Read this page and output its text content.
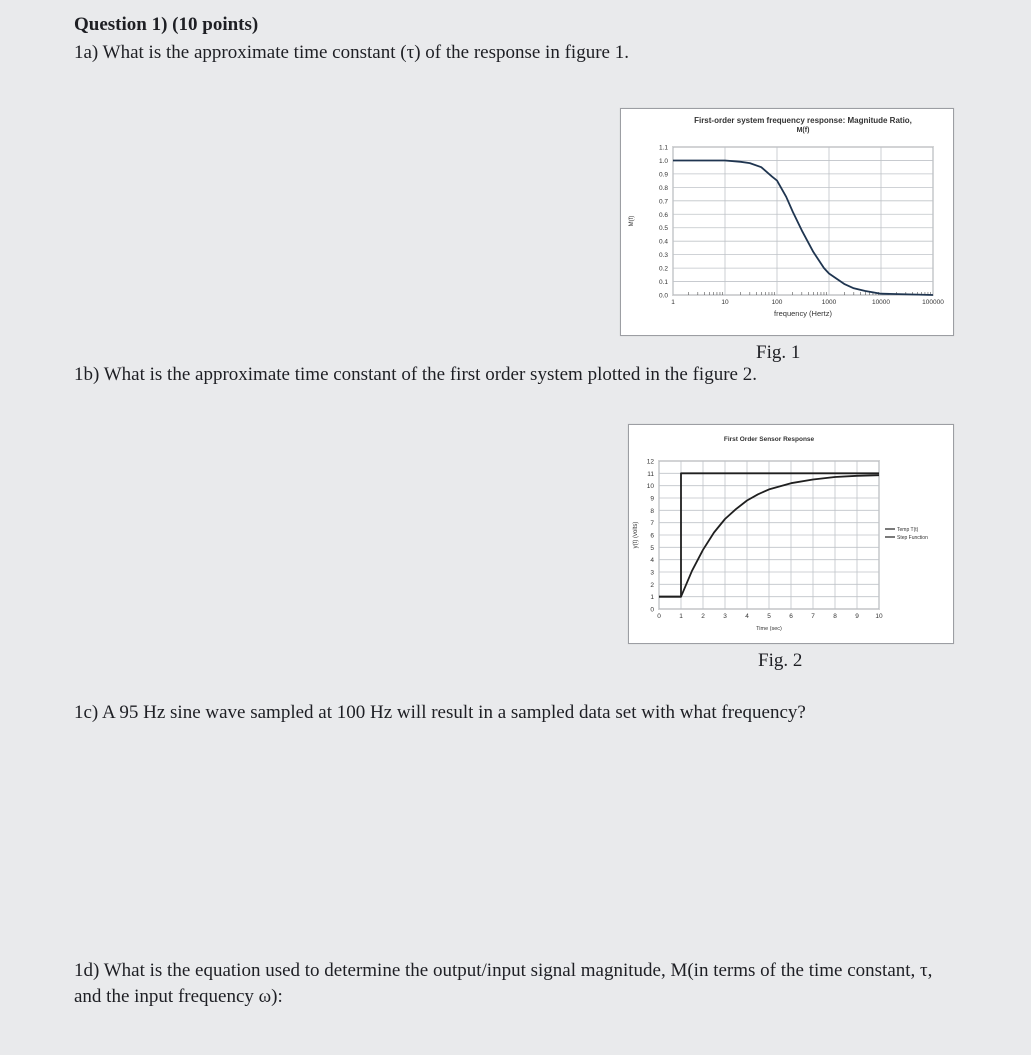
Question 1) (10 points)

1a) What is the approximate time constant (τ) of the response in figure 1.

0.0
0.1
0.2
0.3
0.4
0.5
0.6
0.7
0.8
0.9
1.0
1.1
1	10	100	1000	10000	100000
First-order system frequency response: Magnitude Ratio,
M(f)
frequency (Hertz)
M(f)

Fig. 1

1b) What is the approximate time constant of the first order system plotted in the figure 2.

0
1
2
3
4
5
6
7
8
9
10
11
12
0	1	2	3	4	5	6	7	8	9	10
First Order Sensor Response
Time (sec)
y(t) (volts)	Temp T(t)
Step Function

Fig. 2

1c) A 95 Hz sine wave sampled at 100 Hz will result in a sampled data set with what frequency?

1d) What is the equation used to determine the output/input signal magnitude, M(in terms of the time constant, τ, and the input frequency ω):
